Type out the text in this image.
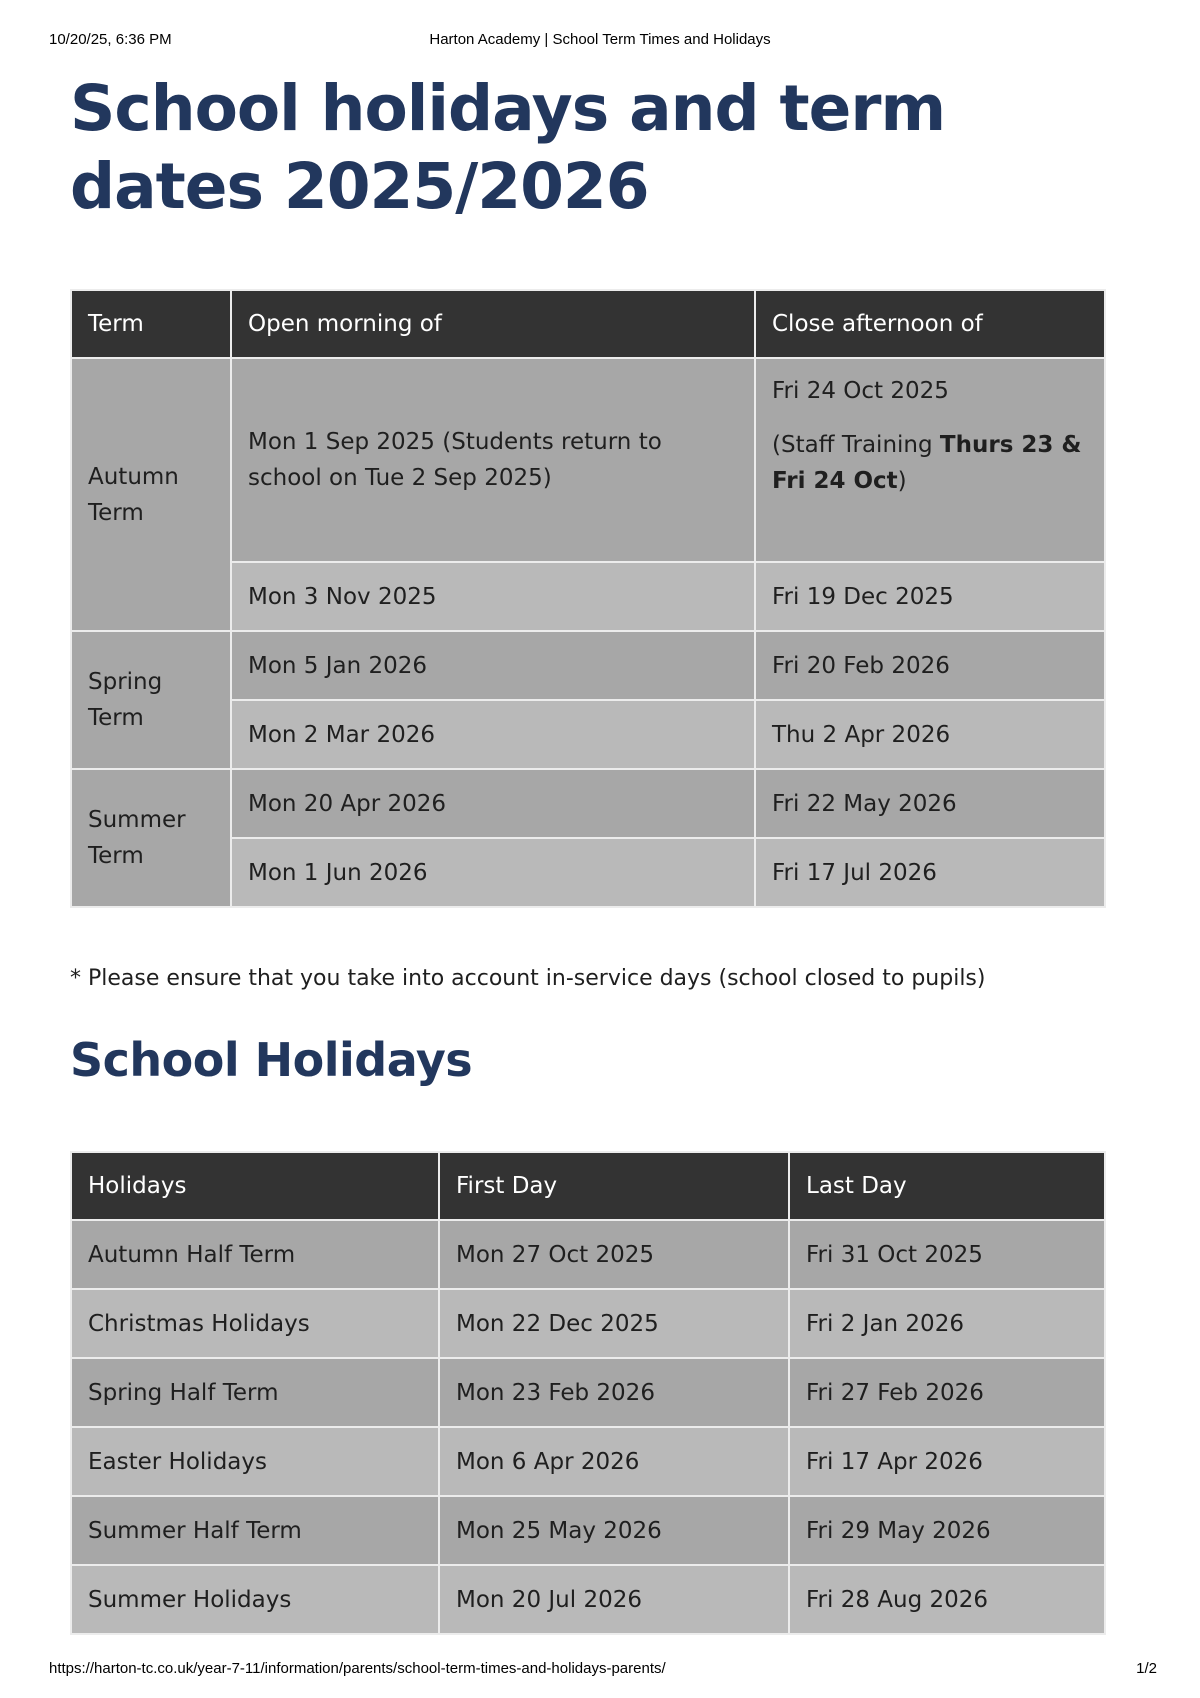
10/20/25, 6:36 PM	Harton Academy | School Term Times and Holidays
School holidays and term dates 2025/2026
Term	Open morning of	Close afternoon of
Autumn Term	Mon 1 Sep 2025 (Students return to school on Tue 2 Sep 2025)	Fri 24 Oct 2025
(Staff Training Thurs 23 & Fri 24 Oct)

	Mon 3 Nov 2025	Fri 19 Dec 2025
Spring Term	Mon 5 Jan 2026	Fri 20 Feb 2026
	Mon 2 Mar 2026	Thu 2 Apr 2026
Summer Term	Mon 20 Apr 2026	Fri 22 May 2026
	Mon 1 Jun 2026	Fri 17 Jul 2026

* Please ensure that you take into account in-service days (school closed to pupils)

School Holidays
Holidays	First Day	Last Day
Autumn Half Term	Mon 27 Oct 2025	Fri 31 Oct 2025
Christmas Holidays	Mon 22 Dec 2025	Fri 2 Jan 2026
Spring Half Term	Mon 23 Feb 2026	Fri 27 Feb 2026
Easter Holidays	Mon 6 Apr 2026	Fri 17 Apr 2026
Summer Half Term	Mon 25 May 2026	Fri 29 May 2026
Summer Holidays	Mon 20 Jul 2026	Fri 28 Aug 2026
https://harton-tc.co.uk/year-7-11/information/parents/school-term-times-and-holidays-parents/	1/2
